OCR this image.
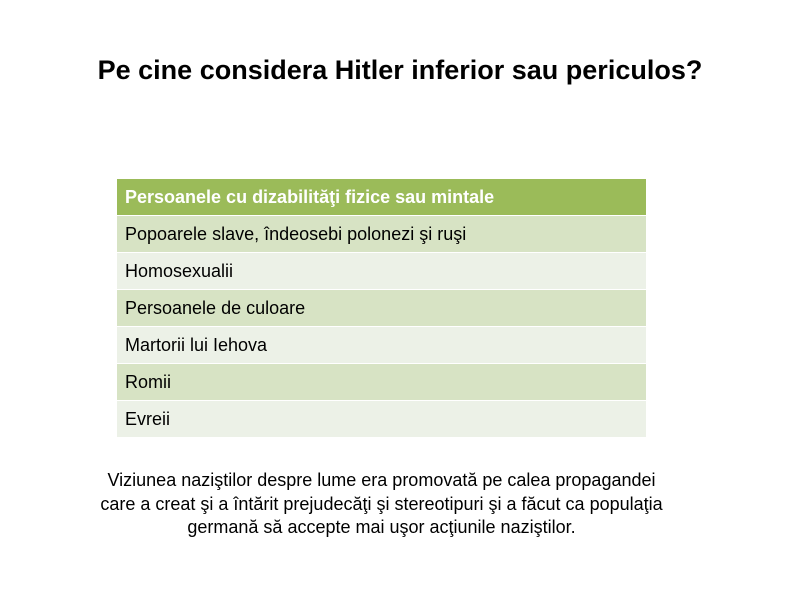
Pe cine considera Hitler inferior sau periculos?
Persoanele cu dizabilităţi fizice sau mintale
Popoarele slave, îndeosebi polonezi şi ruşi
Homosexualii
Persoanele de culoare
Martorii lui Iehova
Romii
Evreii

Viziunea naziştilor despre lume era promovată pe calea propagandei care a creat şi a întărit prejudecăţi şi stereotipuri şi a făcut ca populaţia germană să accepte mai uşor acţiunile naziştilor.
